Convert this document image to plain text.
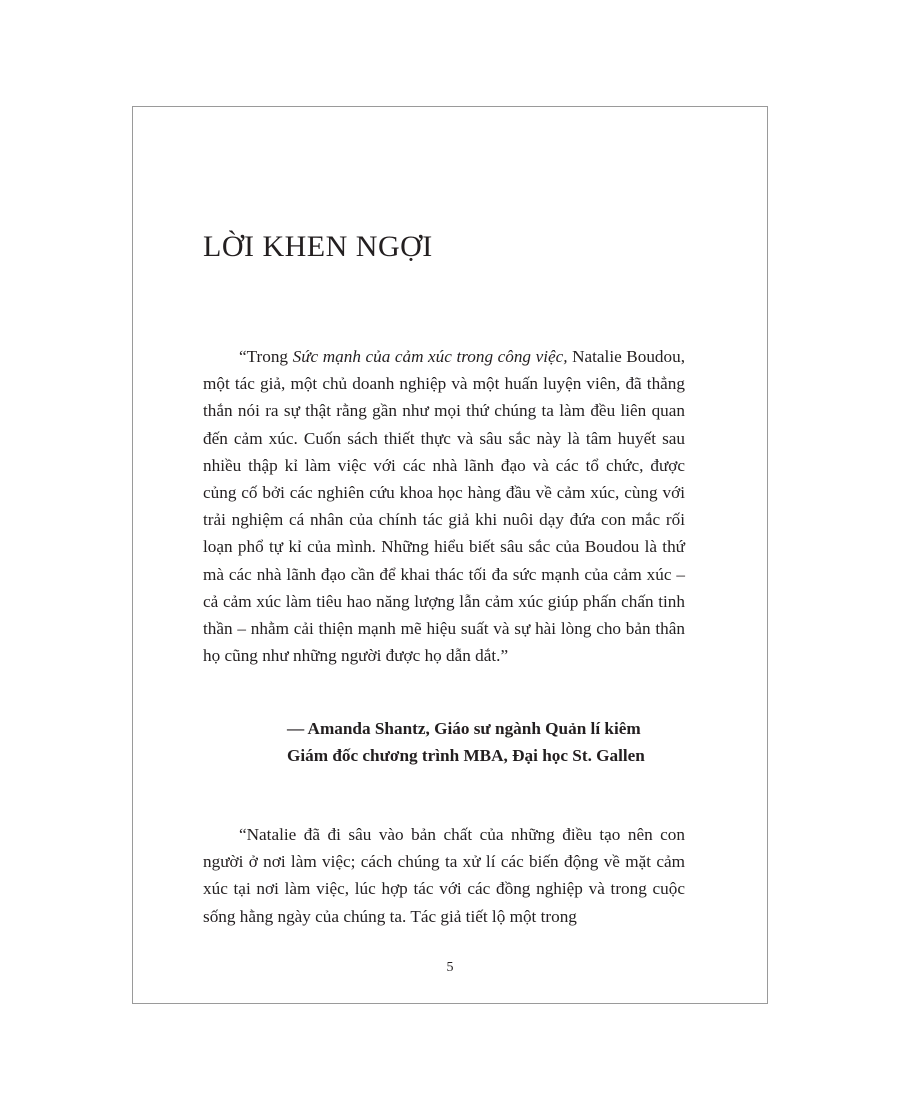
LỜI KHEN NGỢI

“Trong Sức mạnh của cảm xúc trong công việc, Natalie Boudou, một tác giả, một chủ doanh nghiệp và một huấn luyện viên, đã thẳng thắn nói ra sự thật rằng gần như mọi thứ chúng ta làm đều liên quan đến cảm xúc. Cuốn sách thiết thực và sâu sắc này là tâm huyết sau nhiều thập kỉ làm việc với các nhà lãnh đạo và các tổ chức, được củng cố bởi các nghiên cứu khoa học hàng đầu về cảm xúc, cùng với trải nghiệm cá nhân của chính tác giả khi nuôi dạy đứa con mắc rối loạn phổ tự kỉ của mình. Những hiểu biết sâu sắc của Boudou là thứ mà các nhà lãnh đạo cần để khai thác tối đa sức mạnh của cảm xúc – cả cảm xúc làm tiêu hao năng lượng lẫn cảm xúc giúp phấn chấn tinh thần – nhằm cải thiện mạnh mẽ hiệu suất và sự hài lòng cho bản thân họ cũng như những người được họ dẫn dắt.”

— Amanda Shantz, Giáo sư ngành Quản lí kiêm
Giám đốc chương trình MBA, Đại học St. Gallen

“Natalie đã đi sâu vào bản chất của những điều tạo nên con người ở nơi làm việc; cách chúng ta xử lí các biến động về mặt cảm xúc tại nơi làm việc, lúc hợp tác với các đồng nghiệp và trong cuộc sống hằng ngày của chúng ta. Tác giả tiết lộ một trong

5
